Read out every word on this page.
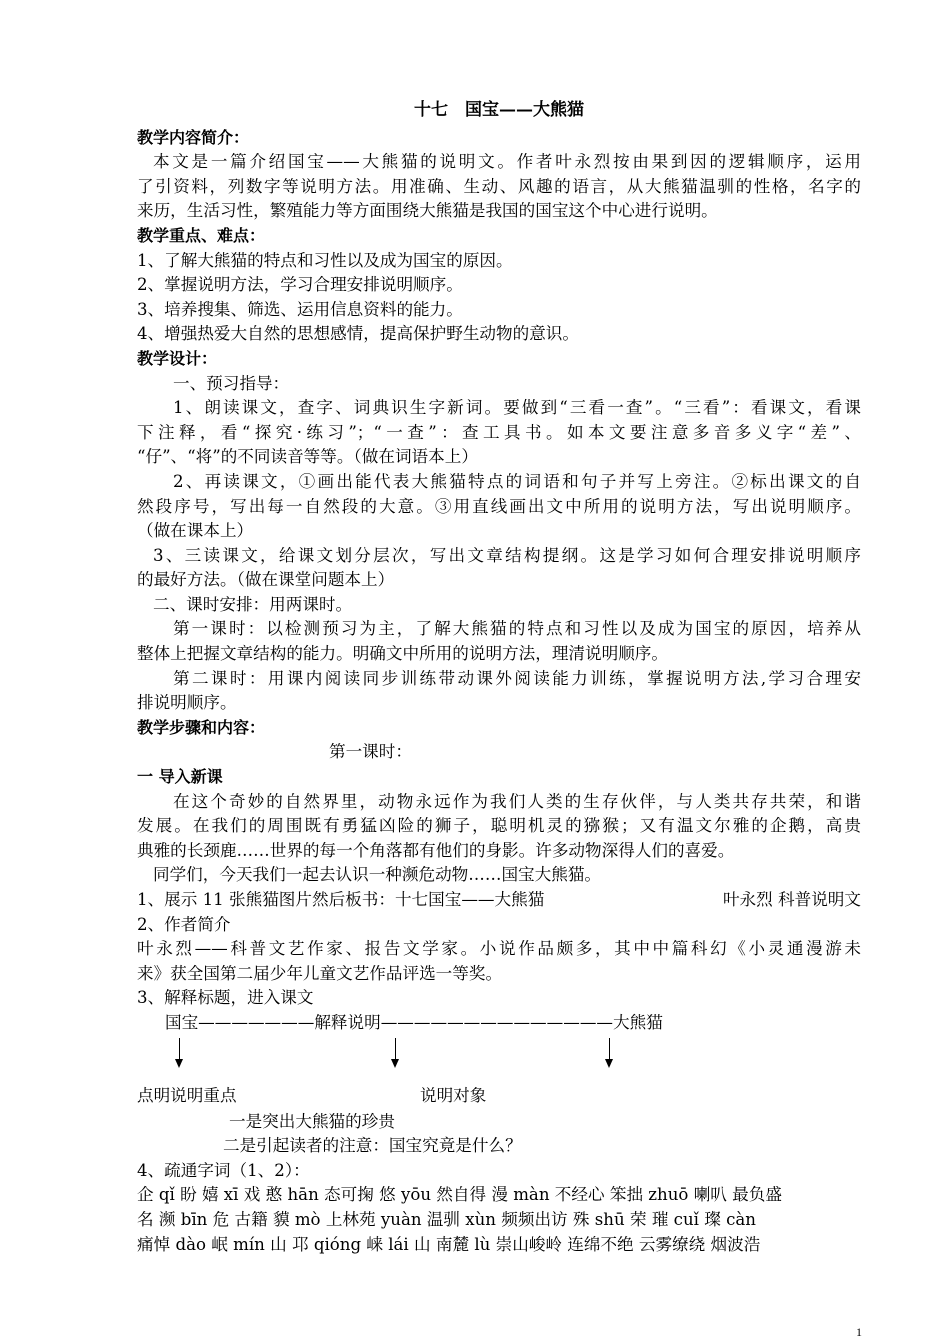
十七　国宝——大熊猫
教学内容简介：
本文是一篇介绍国宝——大熊猫的说明文。作者叶永烈按由果到因的逻辑顺序，运用
了引资料，列数字等说明方法。用准确、生动、风趣的语言，从大熊猫温驯的性格，名字的
来历，生活习性，繁殖能力等方面围绕大熊猫是我国的国宝这个中心进行说明。
教学重点、难点：
1、了解大熊猫的特点和习性以及成为国宝的原因。
2、掌握说明方法，学习合理安排说明顺序。
3、培养搜集、筛选、运用信息资料的能力。
4、增强热爱大自然的思想感情，提高保护野生动物的意识。
教学设计：
一、预习指导：
1、朗读课文，查字、词典识生字新词。要做到“三看一查”。“三看”：看课文，看课
下注释，看“探究·练习”；“一查”：查工具书。如本文要注意多音多义字“差”、
“仔”、“将”的不同读音等等。（做在词语本上）
2、再读课文，①画出能代表大熊猫特点的词语和句子并写上旁注。②标出课文的自
然段序号，写出每一自然段的大意。③用直线画出文中所用的说明方法，写出说明顺序。
（做在课本上）
3、三读课文，给课文划分层次，写出文章结构提纲。这是学习如何合理安排说明顺序
的最好方法。（做在课堂问题本上）
二、课时安排：用两课时。
第一课时：以检测预习为主，了解大熊猫的特点和习性以及成为国宝的原因，培养从
整体上把握文章结构的能力。明确文中所用的说明方法，理清说明顺序。
第二课时：用课内阅读同步训练带动课外阅读能力训练，掌握说明方法,学习合理安
排说明顺序。
教学步骤和内容：
第一课时：
一 导入新课
在这个奇妙的自然界里，动物永远作为我们人类的生存伙伴，与人类共存共荣，和谐
发展。在我们的周围既有勇猛凶险的狮子，聪明机灵的猕猴；又有温文尔雅的企鹅，高贵
典雅的长颈鹿……世界的每一个角落都有他们的身影。许多动物深得人们的喜爱。
同学们，今天我们一起去认识一种濒危动物……国宝大熊猫。
1、展示 11 张熊猫图片然后板书：十七国宝——大熊猫	叶永烈 科普说明文
2、作者简介
叶永烈——科普文艺作家、报告文学家。小说作品颇多，其中中篇科幻《小灵通漫游未
来》获全国第二届少年儿童文艺作品评选一等奖。
3、解释标题，进入课文
国宝———————解释说明——————————————大熊猫
点明说明重点	说明对象
一是突出大熊猫的珍贵
二是引起读者的注意：国宝究竟是什么？
4、疏通字词（1、2）：
企 qǐ 盼 嬉 xī 戏 憨 hān 态可掬 悠 yōu 然自得 漫 màn 不经心 笨拙 zhuō 喇叭 最负盛
名 濒 bīn 危 古籍 貘 mò 上林苑 yuàn 温驯 xùn 频频出访 殊 shū 荣 璀 cuǐ 璨 càn
痛悼 dào 岷 mín 山 邛 qióng 崃 lái 山 南麓 lù 崇山峻岭 连绵不绝 云雾缭绕 烟波浩
1
